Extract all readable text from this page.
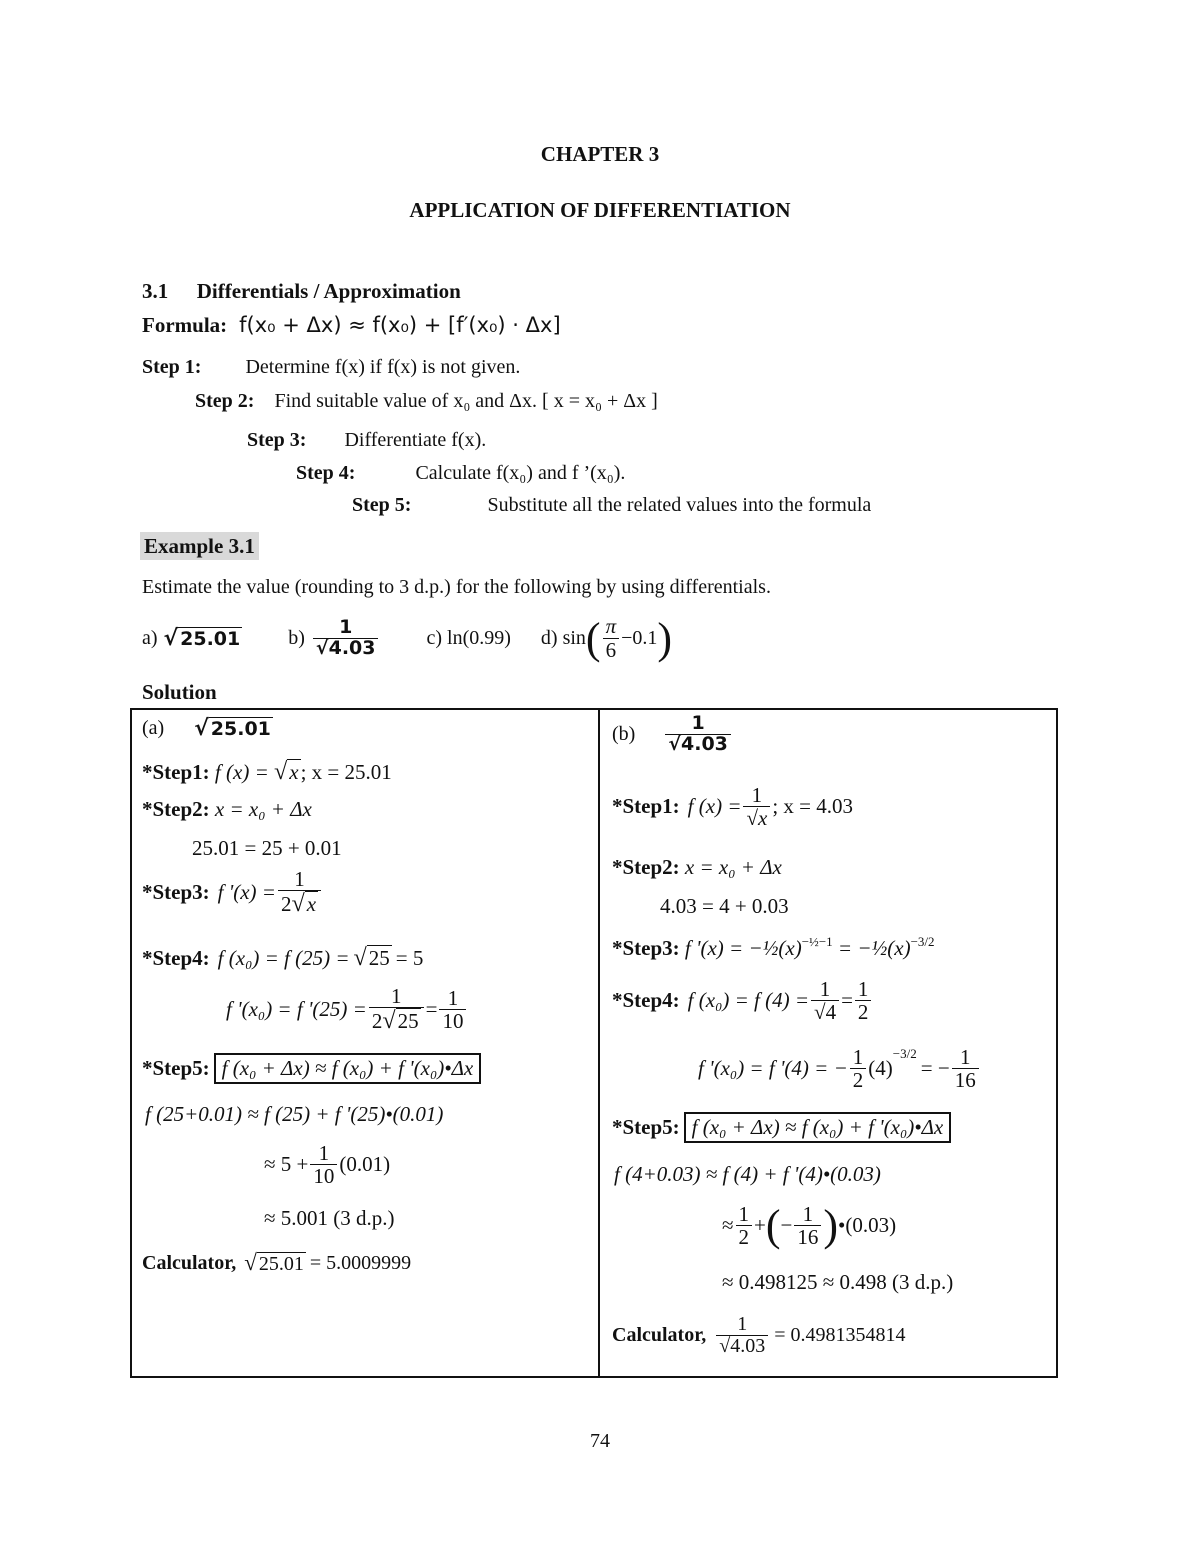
CHAPTER 3
APPLICATION OF DIFFERENTIATION
3.1 Differentials / Approximation
Formula: f(x₀ + Δx) ≈ f(x₀) + [f′(x₀) · Δx]
Step 1: Determine f(x) if f(x) is not given.
Step 2: Find suitable value of x₀ and Δx. [ x = x₀ + Δx ]
Step 3: Differentiate f(x).
Step 4:	Calculate f(x₀) and f ’(x₀).
Step 5:	Substitute all the related values into the formula
Example 3.1
Estimate the value (rounding to 3 d.p.) for the following by using differentials.
a) √ 25.01 $b) \frac{1}{√4.03} c$) ln(0.99) d) sin ( $\frac{\pi}{6} -0.1$ )
Solution
(a) √ 25.01
*Step1: f (x) = √x; x = 25.01
*Step2: x = x₀ + Δx
25.01 = 25 + 0.01
*Step3: f '$(x) = \frac{1}{2√x}$
*Step4: f (x₀) = f (25) = √25 = 5
f '(x₀) = f '$(25) = \frac{1}{2√25} = \frac{1}{10}$
*Step5: f (x₀ + Δx) ≈ f (x₀) + f '(x₀)•Δx
f (25+0.01) ≈ f (25) + f '(25)•(0.01)
≈ $5 + \frac{1}{10} (0.01)$
≈ 5.001 (3 d.p.)
Calculator, √ 25.01 = 5.0009999
$(b) \frac{1}{√4.03}$
*Step1: f $(x) = \frac{1}{√x}$ ; x = 4.03
*Step2: x = x₀ + Δx
4.03 = 4 + 0.03
*Step3: f '$(x) = -\frac{1}{2}(x)^{-\frac{1}{2}-1}$ = $-\frac{1}{2}(x)^{-3/2}$
*Step4: f (x₀) = f $(4) = \frac{1}{√4} = \frac{1}{2}$
f '(x₀) = f '(4) = − $\frac{1}{2} (4)$
−3/2
= − $\frac{1}{16}$
*Step5: f (x₀ + Δx) ≈ f (x₀) + f '(x₀)•Δx
f (4+0.03) ≈ f (4) + f '(4)•(0.03)
≈ $\frac{1}{2}$ + ( − $\frac{1}{16}$ ) •(0.03)
≈ 0.498125 ≈ 0.498 (3 d.p.)
Calculator, $\frac{1}{√4.03} = 0.4981354814$
74
